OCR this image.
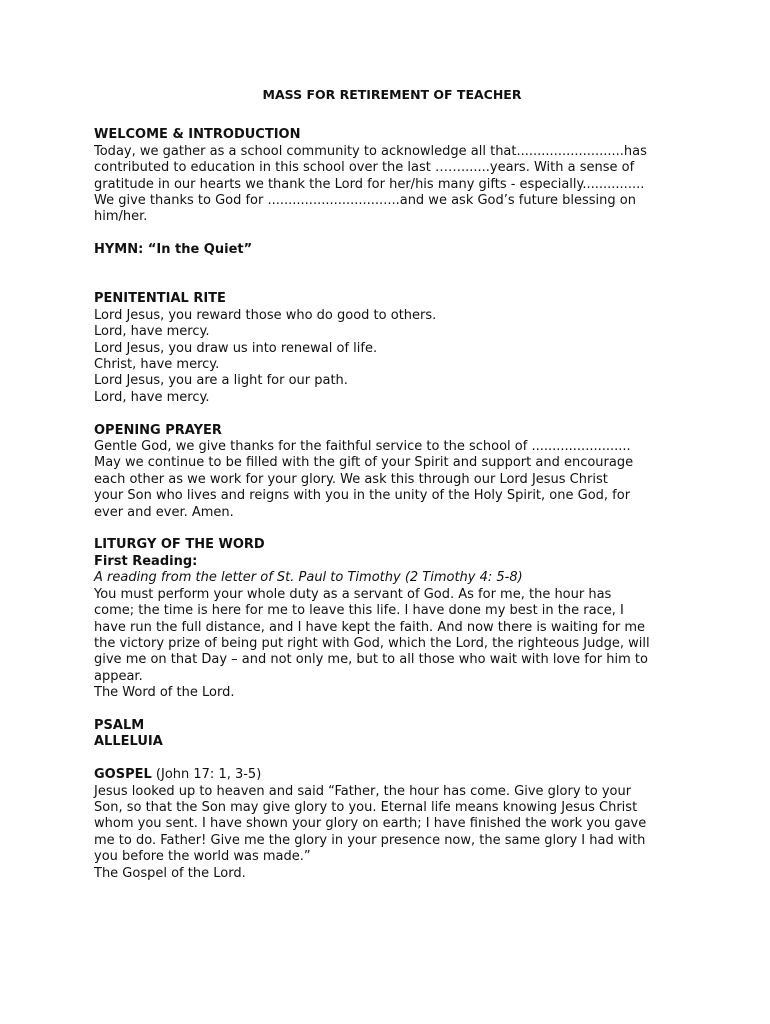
MASS FOR RETIREMENT OF TEACHER
WELCOME & INTRODUCTION
Today, we gather as a school community to acknowledge all that..........................has
contributed to education in this school over the last …….......years. With a sense of
gratitude in our hearts we thank the Lord for her/his many gifts - especially...............
We give thanks to God for ................................and we ask God’s future blessing on
him/her.
HYMN: “In the Quiet”
PENITENTIAL RITE
Lord Jesus, you reward those who do good to others.
Lord, have mercy.
Lord Jesus, you draw us into renewal of life.
Christ, have mercy.
Lord Jesus, you are a light for our path.
Lord, have mercy.
OPENING PRAYER
Gentle God, we give thanks for the faithful service to the school of ........................
May we continue to be filled with the gift of your Spirit and support and encourage
each other as we work for your glory. We ask this through our Lord Jesus Christ
your Son who lives and reigns with you in the unity of the Holy Spirit, one God, for
ever and ever. Amen.
LITURGY OF THE WORD
First Reading:
A reading from the letter of St. Paul to Timothy (2 Timothy 4: 5-8)
You must perform your whole duty as a servant of God. As for me, the hour has
come; the time is here for me to leave this life. I have done my best in the race, I
have run the full distance, and I have kept the faith. And now there is waiting for me
the victory prize of being put right with God, which the Lord, the righteous Judge, will
give me on that Day – and not only me, but to all those who wait with love for him to
appear.
The Word of the Lord.
PSALM
ALLELUIA
GOSPEL (John 17: 1, 3-5)
Jesus looked up to heaven and said “Father, the hour has come. Give glory to your
Son, so that the Son may give glory to you. Eternal life means knowing Jesus Christ
whom you sent. I have shown your glory on earth; I have finished the work you gave
me to do. Father! Give me the glory in your presence now, the same glory I had with
you before the world was made.”
The Gospel of the Lord.
